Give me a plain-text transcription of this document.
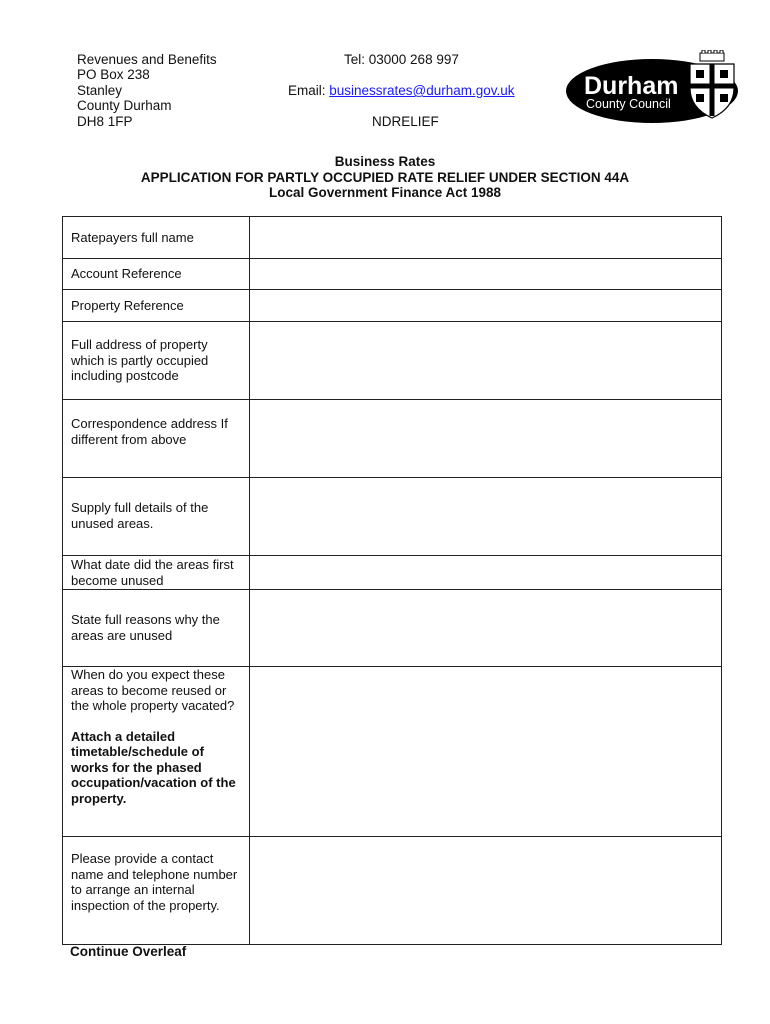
Revenues and Benefits
PO Box 238
Stanley
County Durham
DH8 1FP
Tel: 03000 268 997
Email: businessrates@durham.gov.uk
NDRELIEF
Durham
County Council
Business Rates
APPLICATION FOR PARTLY OCCUPIED RATE RELIEF UNDER SECTION 44A
Local Government Finance Act 1988
Ratepayers full name	
Account Reference	
Property Reference	
Full address of property which is partly occupied including postcode	
Correspondence address If different from above	
Supply full details of the unused areas.	
What date did the areas first become unused	
State full reasons why the areas are unused	

When do you expect these areas to become reused or the whole property vacated?
Attach a detailed timetable/schedule of works for the phased occupation/vacation of the property.	

Please provide a contact name and telephone number to arrange an internal inspection of the property.	
Continue Overleaf
